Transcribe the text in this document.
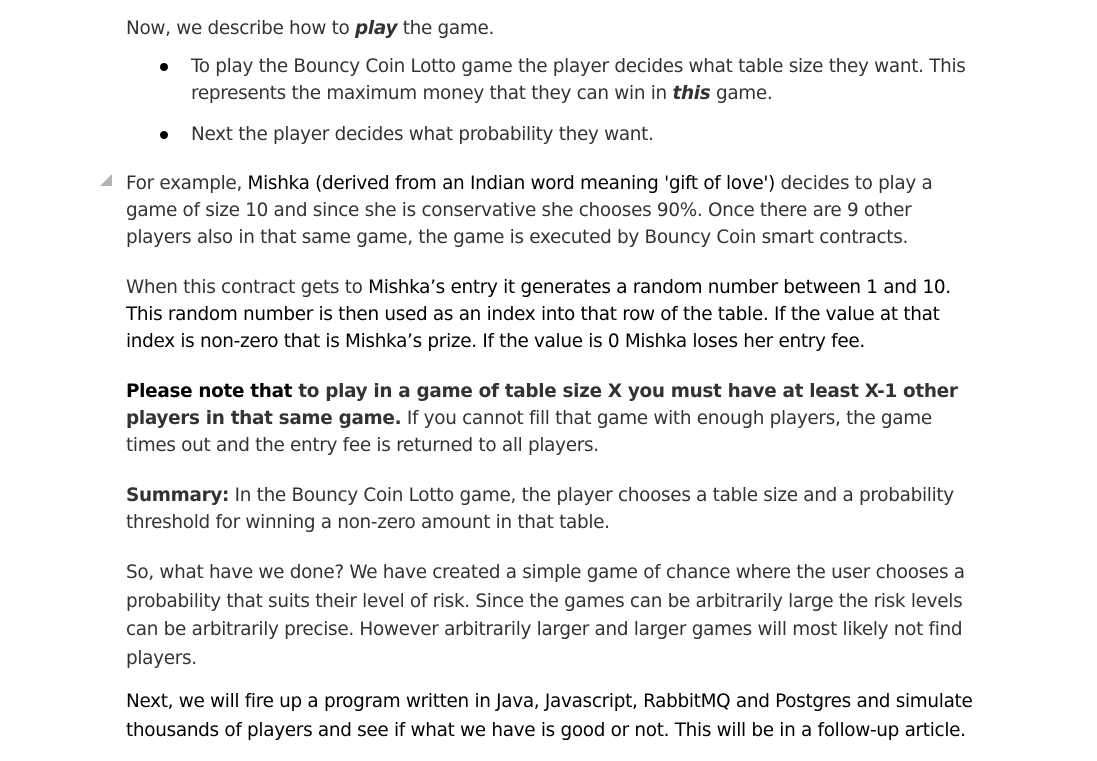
Now, we describe how to play the game.

To play the Bouncy Coin Lotto game the player decides what table size they want. This represents the maximum money that they can win in this game.
Next the player decides what probability they want.

For example, Mishka (derived from an Indian word meaning 'gift of love') decides to play a game of size 10 and since she is conservative she chooses 90%. Once there are 9 other players also in that same game, the game is executed by Bouncy Coin smart contracts.

When this contract gets to Mishka’s entry it generates a random number between 1 and 10. This random number is then used as an index into that row of the table. If the value at that index is non-zero that is Mishka’s prize. If the value is 0 Mishka loses her entry fee.

Please note that to play in a game of table size X you must have at least X-1 other players in that same game. If you cannot fill that game with enough players, the game times out and the entry fee is returned to all players.

Summary: In the Bouncy Coin Lotto game, the player chooses a table size and a probability threshold for winning a non-zero amount in that table.

So, what have we done? We have created a simple game of chance where the user chooses a probability that suits their level of risk. Since the games can be arbitrarily large the risk levels can be arbitrarily precise. However arbitrarily larger and larger games will most likely not find players.

Next, we will fire up a program written in Java, Javascript, RabbitMQ and Postgres and simulate thousands of players and see if what we have is good or not. This will be in a follow-up article.
